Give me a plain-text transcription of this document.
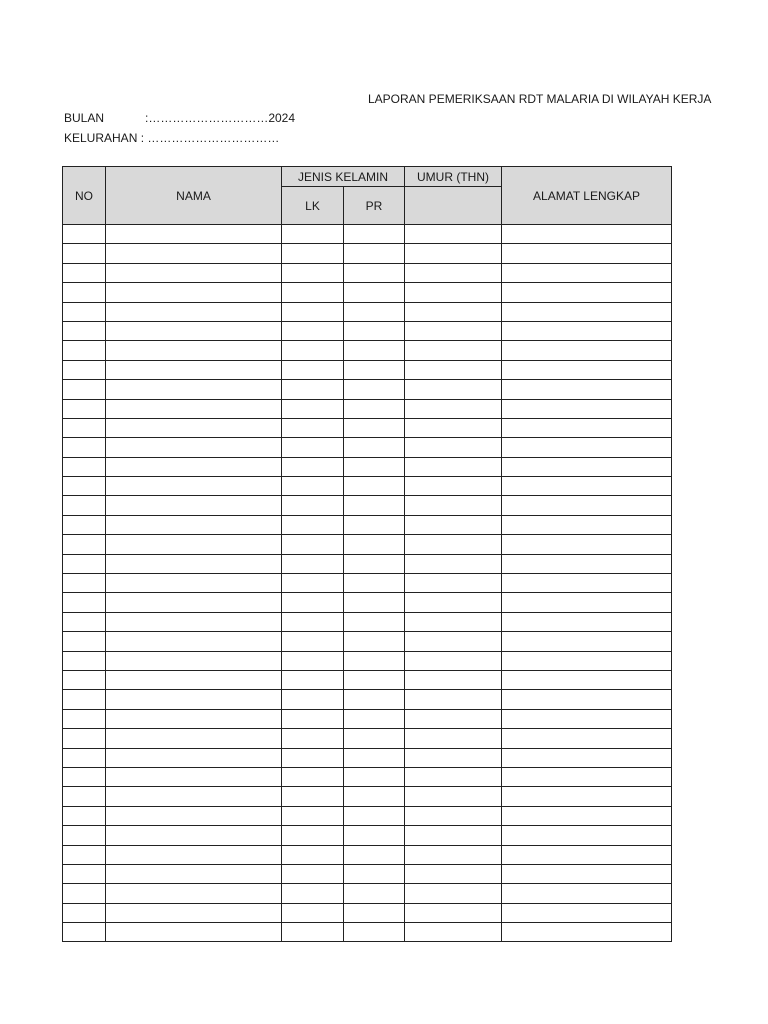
LAPORAN PEMERIKSAAN RDT MALARIA DI WILAYAH KERJA
BULAN	:…………………………2024
KELURAHAN : ……………………………
NO	NAMA	JENIS KELAMIN		UMUR (THN)	ALAMAT LENGKAP
		LK	PR		
